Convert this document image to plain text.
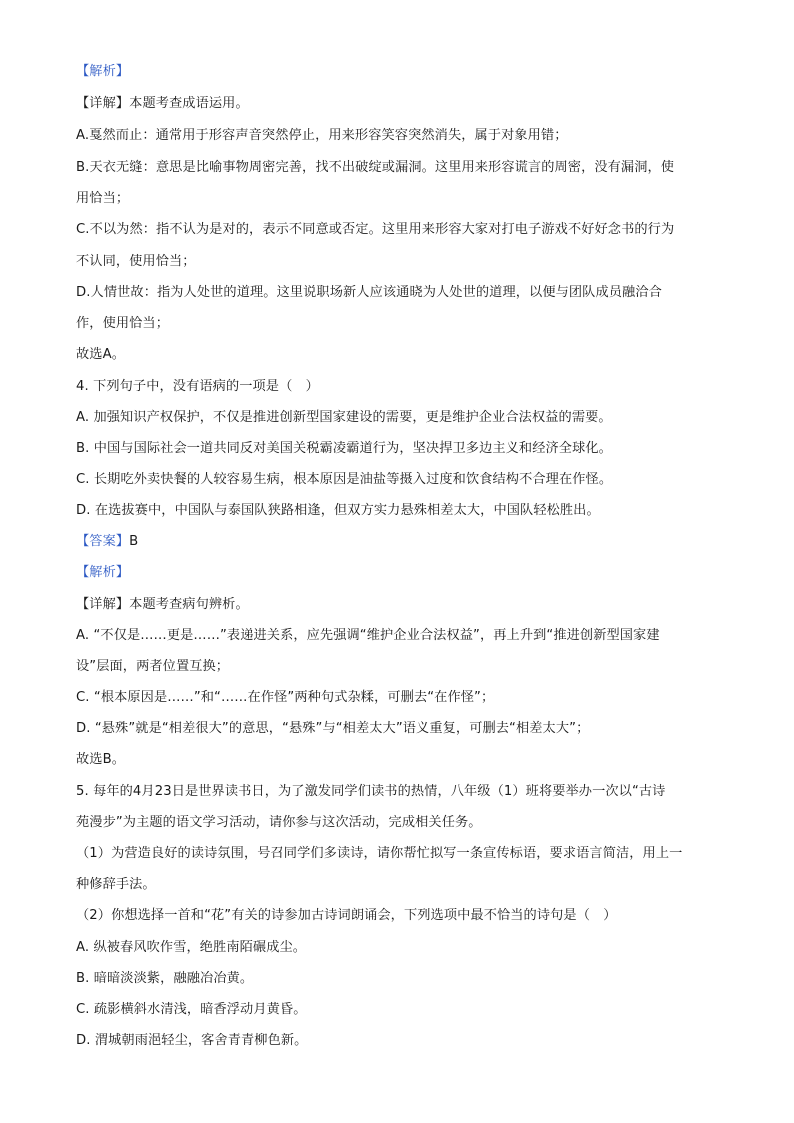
【解析】
【详解】本题考查成语运用。
A.戛然而止：通常用于形容声音突然停止，用来形容笑容突然消失，属于对象用错；
B.天衣无缝：意思是比喻事物周密完善，找不出破绽或漏洞。这里用来形容谎言的周密，没有漏洞，使
用恰当；
C.不以为然：指不认为是对的，表示不同意或否定。这里用来形容大家对打电子游戏不好好念书的行为
不认同，使用恰当；
D.人情世故：指为人处世的道理。这里说职场新人应该通晓为人处世的道理，以便与团队成员融洽合
作，使用恰当；
故选A。
4. 下列句子中，没有语病的一项是（　）
A. 加强知识产权保护，不仅是推进创新型国家建设的需要，更是维护企业合法权益的需要。
B. 中国与国际社会一道共同反对美国关税霸凌霸道行为，坚决捍卫多边主义和经济全球化。
C. 长期吃外卖快餐的人较容易生病，根本原因是油盐等摄入过度和饮食结构不合理在作怪。
D. 在选拔赛中，中国队与泰国队狭路相逢，但双方实力悬殊相差太大，中国队轻松胜出。
【答案】B
【解析】
【详解】本题考查病句辨析。
A. “不仅是……更是……”表递进关系，应先强调“维护企业合法权益”，再上升到“推进创新型国家建
设”层面，两者位置互换；
C. “根本原因是……”和“……在作怪”两种句式杂糅，可删去“在作怪”；
D. “悬殊”就是“相差很大”的意思，“悬殊”与“相差太大”语义重复，可删去“相差太大”；
故选B。
5. 每年的4月23日是世界读书日，为了激发同学们读书的热情，八年级（1）班将要举办一次以“古诗
苑漫步”为主题的语文学习活动，请你参与这次活动，完成相关任务。
（1）为营造良好的读诗氛围，号召同学们多读诗，请你帮忙拟写一条宣传标语，要求语言简洁，用上一
种修辞手法。
（2）你想选择一首和“花”有关的诗参加古诗词朗诵会，下列选项中最不恰当的诗句是（　）
A. 纵被春风吹作雪，绝胜南陌碾成尘。
B. 暗暗淡淡紫，融融冶冶黄。
C. 疏影横斜水清浅，暗香浮动月黄昏。
D. 渭城朝雨浥轻尘，客舍青青柳色新。
